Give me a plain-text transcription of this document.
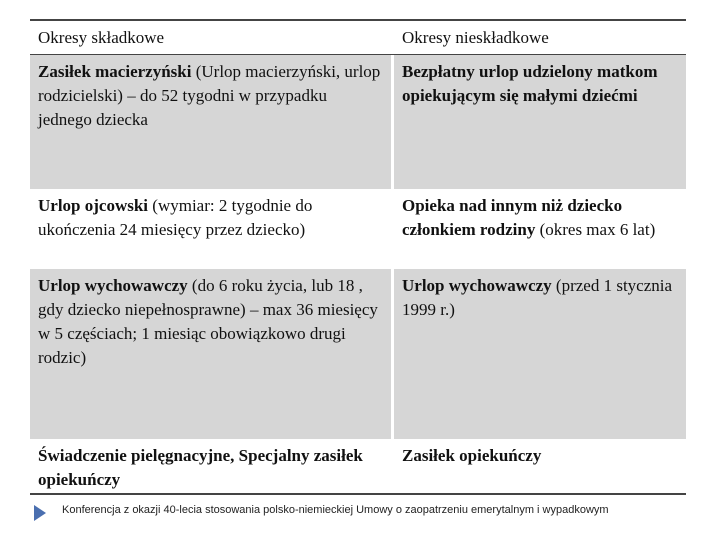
Okresy składkowe	Okresy nieskładkowe
Zasiłek macierzyński (Urlop macierzyński, urlop rodzicielski) – do 52 tygodni w przypadku jednego dziecka
Bezpłatny urlop udzielony matkom opiekującym się małymi dziećmi
Urlop ojcowski (wymiar: 2 tygodnie do ukończenia 24 miesięcy przez dziecko)
Opieka nad innym niż dziecko członkiem rodziny (okres max 6 lat)
Urlop wychowawczy (do 6 roku życia, lub 18 , gdy dziecko niepełnosprawne) – max 36 miesięcy w 5 częściach; 1 miesiąc obowiązkowo drugi rodzic)
Urlop wychowawczy (przed 1 stycznia 1999 r.)
Świadczenie pielęgnacyjne, Specjalny zasiłek opiekuńczy
Zasiłek opiekuńczy
Konferencja z okazji 40-lecia stosowania polsko-niemieckiej Umowy o zaopatrzeniu emerytalnym i wypadkowym
